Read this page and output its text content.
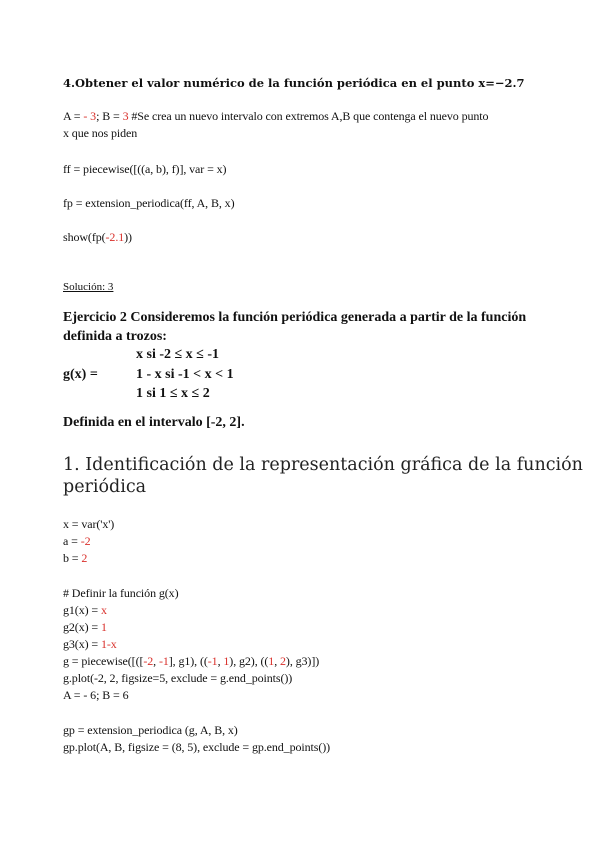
4.Obtener el valor numérico de la función periódica en el punto x=−2.7
A = - 3; B = 3 #Se crea un nuevo intervalo con extremos A,B que contenga el nuevo punto
x que nos piden
ff = piecewise([((a, b), f)], var = x)
fp = extension_periodica(ff, A, B, x)
show(fp(-2.1))
Solución: 3
Ejercicio 2 Consideremos la función periódica generada a partir de la función
definida a trozos:
x si -2 ≤ x ≤ -1
g(x) =	1 - x si -1 < x < 1
1 si 1 ≤ x ≤ 2
Definida en el intervalo [-2, 2].
1. Identificación de la representación gráfica de la función
periódica
x = var('x')
a = -2
b = 2
# Definir la función g(x)
g1(x) = x
g2(x) = 1
g3(x) = 1-x
g = piecewise([([-2, -1], g1), ((-1, 1), g2), ((1, 2), g3)])
g.plot(-2, 2, figsize=5, exclude = g.end_points())
A = - 6; B = 6
gp = extension_periodica (g, A, B, x)
gp.plot(A, B, figsize = (8, 5), exclude = gp.end_points())
